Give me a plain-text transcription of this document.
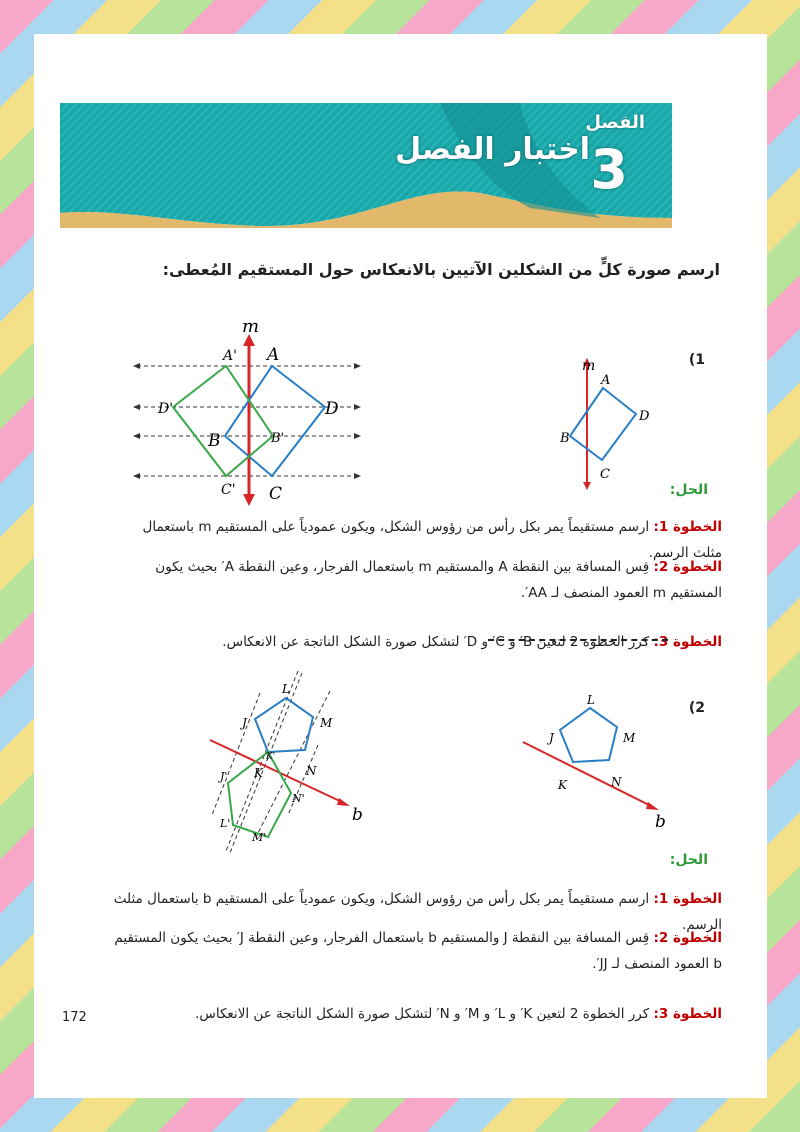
الفصل
3
اختبار الفصل
ارسم صورة كلٍّ من الشكلين الآتيين بالانعكاس حول المستقيم المُعطى:
1)
m
A
B
C
D
m
A
B
C
D
A'
B'
C'
D'
الحل:
الخطوة 1: ارسم مستقيماً يمر بكل رأس من رؤوس الشكل، ويكون عمودياً على المستقيم m باستعمال مثلث الرسم.
الخطوة 2: قِس المسافة بين النقطة A والمستقيم m باستعمال الفرجار، وعين النقطة A′ بحيث يكون المستقيم m العمود المنصف لـ AA′.
الخطوة 3: كرر الخطوة 2 لتعين B′ و C′ و D′ لتشكل صورة الشكل الناتجة عن الانعكاس.
2)
L
M
J
K	N
b
L
M
J
K	N
J'
K'
L'
M'
N'
b
الحل:
الخطوة 1: ارسم مستقيماً يمر بكل رأس من رؤوس الشكل، ويكون عمودياً على المستقيم b باستعمال مثلث الرسم.
الخطوة 2: قِس المسافة بين النقطة J والمستقيم b باستعمال الفرجار، وعين النقطة J′ بحيث يكون المستقيم b العمود المنصف لـ JJ′.
الخطوة 3: كرر الخطوة 2 لتعين K′ و L′ و M′ و N′ لتشكل صورة الشكل الناتجة عن الانعكاس.
172
